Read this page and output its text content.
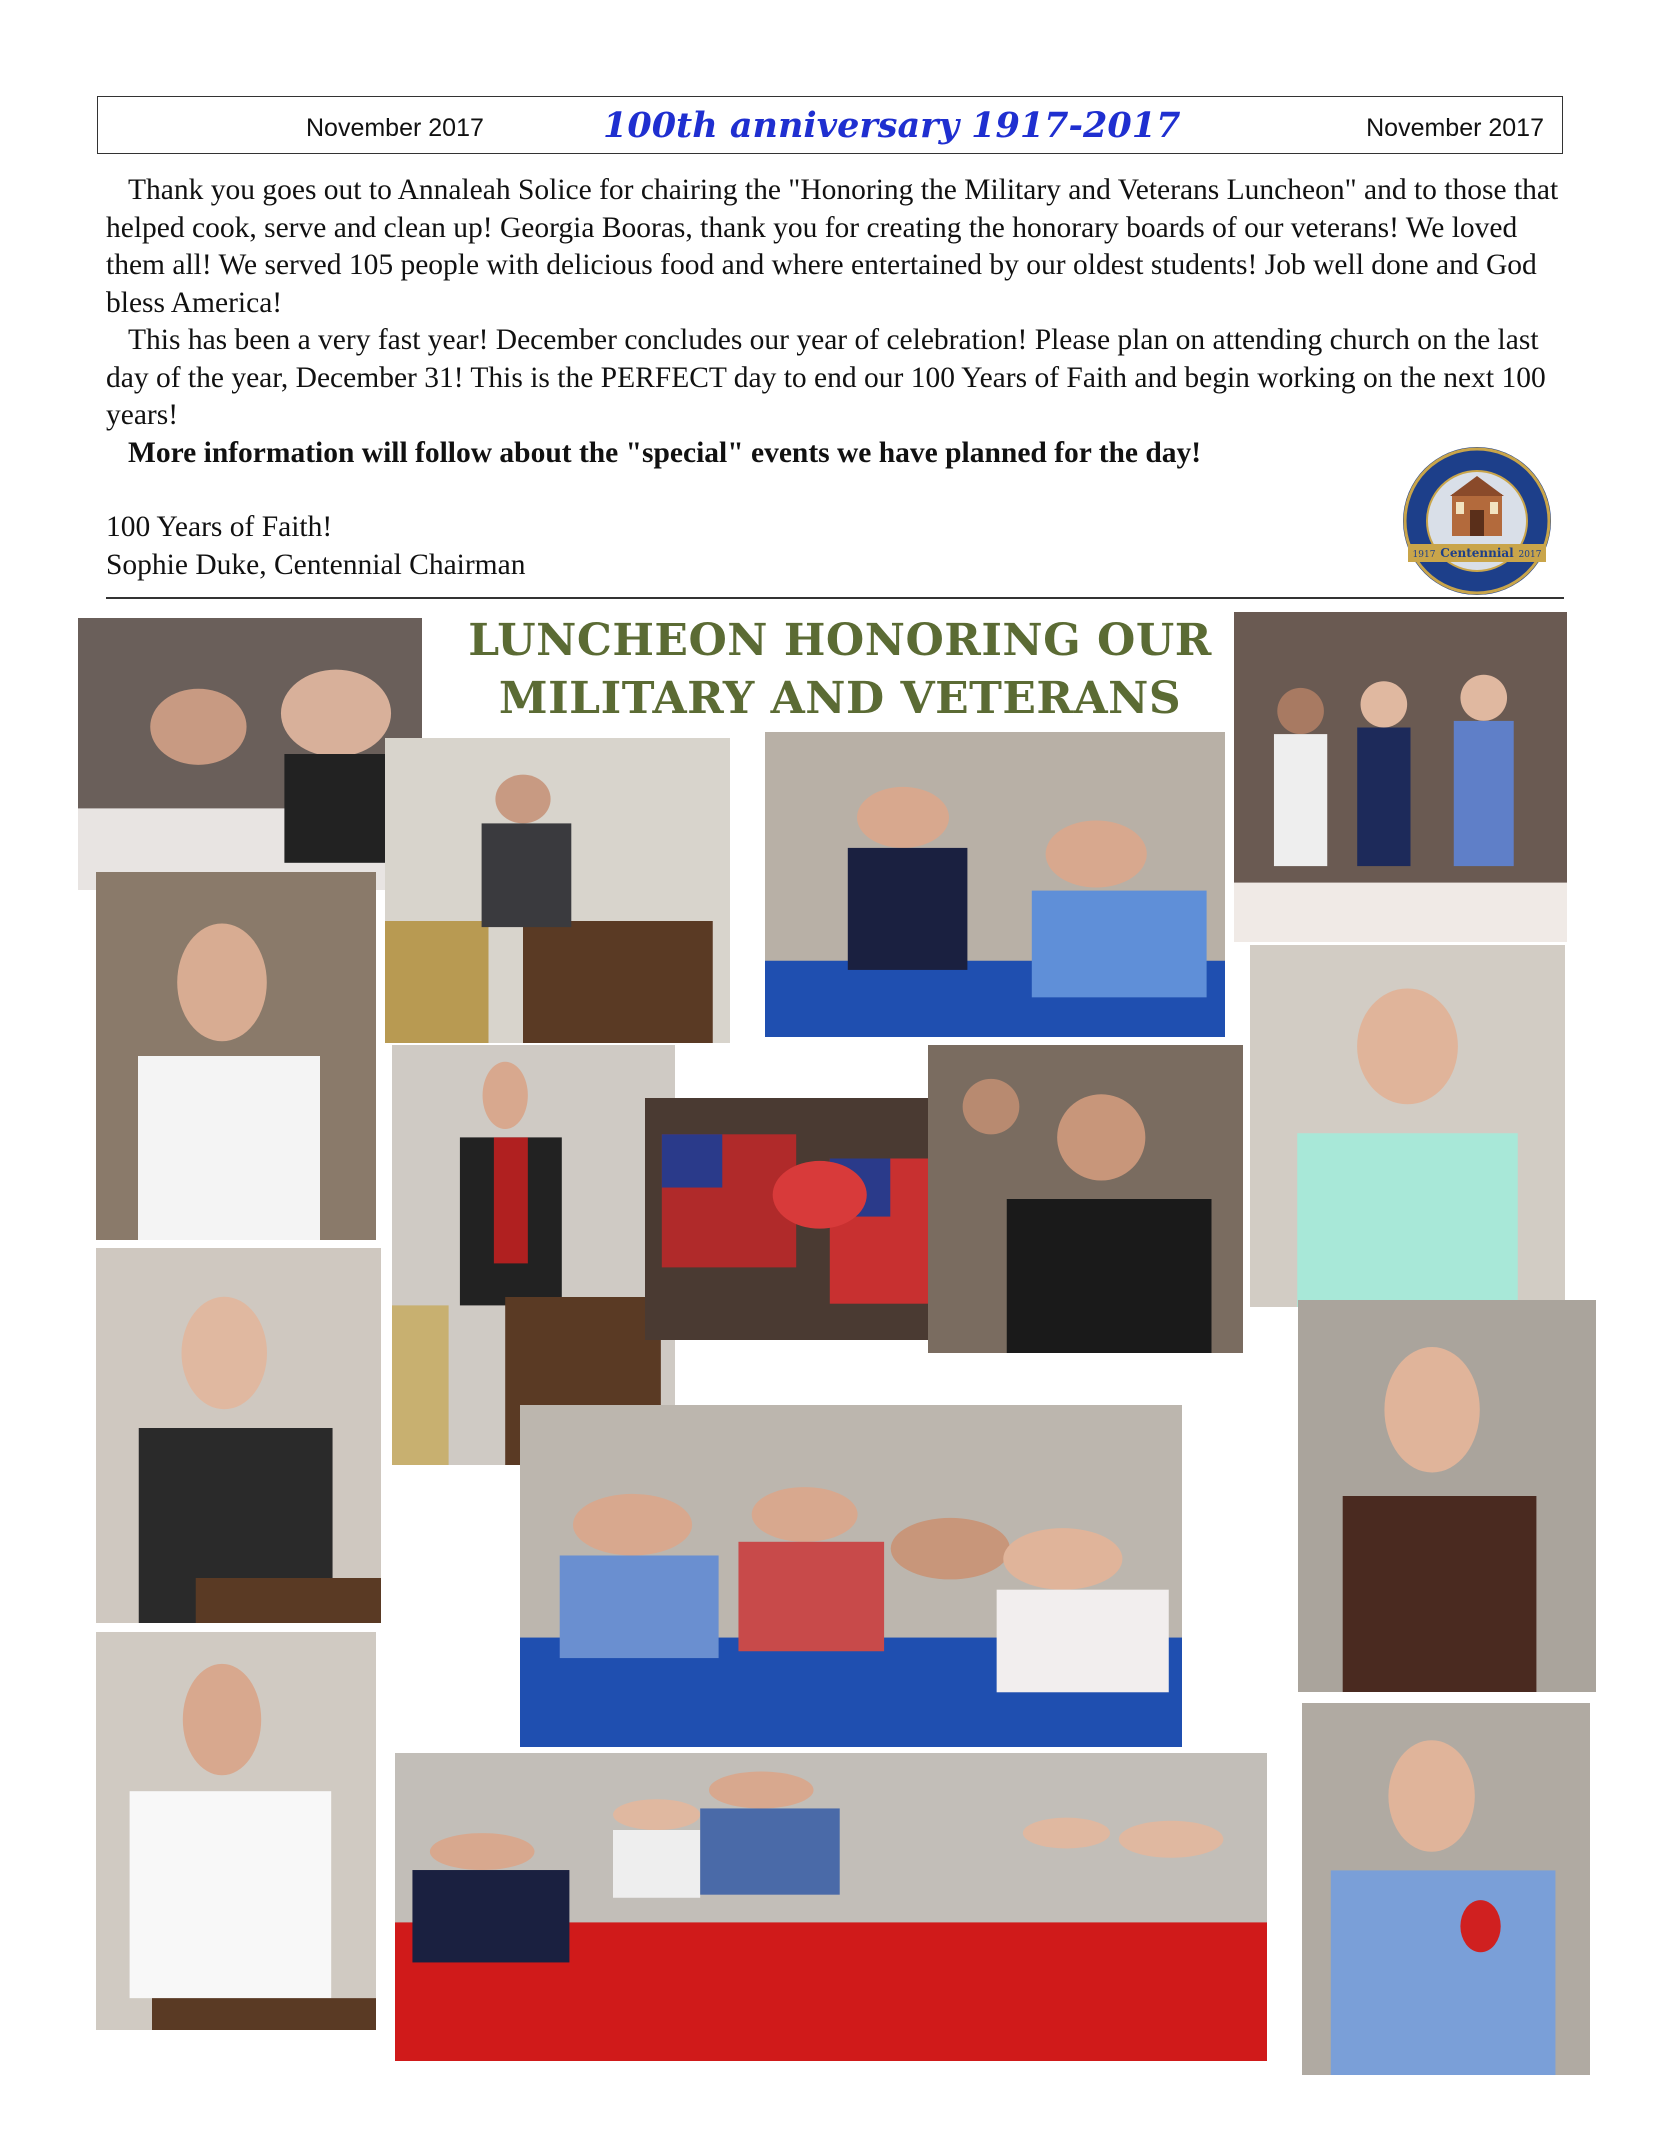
November 2017	100th anniversary 1917-2017	November 2017

Thank you goes out to Annaleah Solice for chairing the "Honoring the Military and Veterans Luncheon" and to those that helped cook, serve and clean up! Georgia Booras, thank you for creating the honorary boards of our veterans! We loved them all! We served 105 people with delicious food and where entertained by our oldest students! Job well done and God bless America!

This has been a very fast year! December concludes our year of celebration! Please plan on attending church on the last day of the year, December 31! This is the PERFECT day to end our 100 Years of Faith and begin working on the next 100 years!

More information will follow about the "special" events we have planned for the day!

100 Years of Faith!
Sophie Duke, Centennial Chairman	Centennial
1917	2017
LUNCHEON HONORING OUR
MILITARY AND VETERANS
